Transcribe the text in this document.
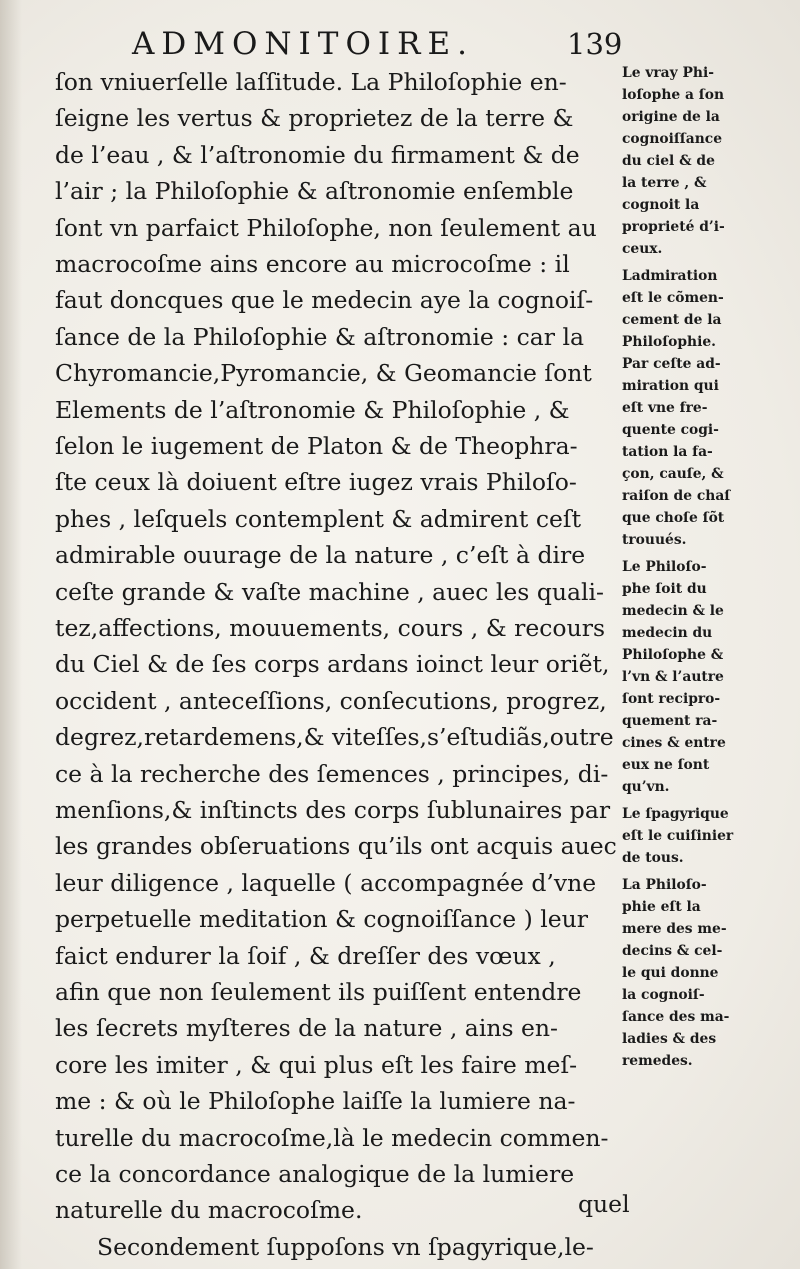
ADMONITOIRE.	139
ſon vniuerſelle laſſitude. La Philoſophie en-
ſeigne les vertus & proprietez de la terre &
de l’eau , & l’aſtronomie du firmament & de
l’air ; la Philoſophie & aſtronomie enſemble
ſont vn parfaict Philoſophe, non ſeulement au
macrocoſme ains encore au microcoſme : il
faut doncques que le medecin aye la cognoiſ-
ſance de la Philoſophie & aſtronomie : car la
Chyromancie,Pyromancie, & Geomancie ſont
Elements de l’aſtronomie & Philoſophie , &
ſelon le iugement de Platon & de Theophra-
ſte ceux là doiuent eſtre iugez vrais Philoſo-
phes , leſquels contemplent & admirent ceſt
admirable ouurage de la nature , c’eſt à dire
ceſte grande & vaſte machine , auec les quali-
tez,affections, mouuements, cours , & recours
du Ciel & de ſes corps ardans ioinct leur oriẽt,
occident , anteceſſions, conſecutions, progrez,
degrez,retardemens,& viteſſes,s’eſtudiãs,outre
ce à la recherche des ſemences , principes, di-
menſions,& inſtincts des corps ſublunaires par
les grandes obſeruations qu’ils ont acquis auec
leur diligence , laquelle ( accompagnée d’vne
perpetuelle meditation & cognoiſſance ) leur
faict endurer la ſoif , & dreſſer des vœux ,
afin que non ſeulement ils puiſſent entendre
les ſecrets myſteres de la nature , ains en-
core les imiter , & qui plus eſt les faire meſ-
me : & où le Philoſophe laiſſe la lumiere na-
turelle du macrocoſme,là le medecin commen-
ce la concordance analogique de la lumiere
naturelle du macrocoſme.
Secondement ſuppoſons vn ſpagyrique,le-
Le vray Phi-
loſophe a ſon
origine de la
cognoiſſance
du ciel & de
la terre , &
cognoit la
proprieté d’i-
ceux.
Ladmiration
eſt le cõmen-
cement de la
Philoſophie.
Par ceſte ad-
miration qui
eſt vne fre-
quente cogi-
tation la fa-
çon, cauſe, &
raiſon de chaſ
que choſe ſõt
trouués.
Le Philoſo-
phe ſoit du
medecin & le
medecin du
Philoſophe &
l’vn & l’autre
ſont recipro-
quement ra-
cines & entre
eux ne ſont
qu’vn.
Le ſpagyrique
eſt le cuiſinier
de tous.
La Philoſo-
phie eſt la
mere des me-
decins & cel-
le qui donne
la cognoiſ-
ſance des ma-
ladies & des
remedes.
quel
